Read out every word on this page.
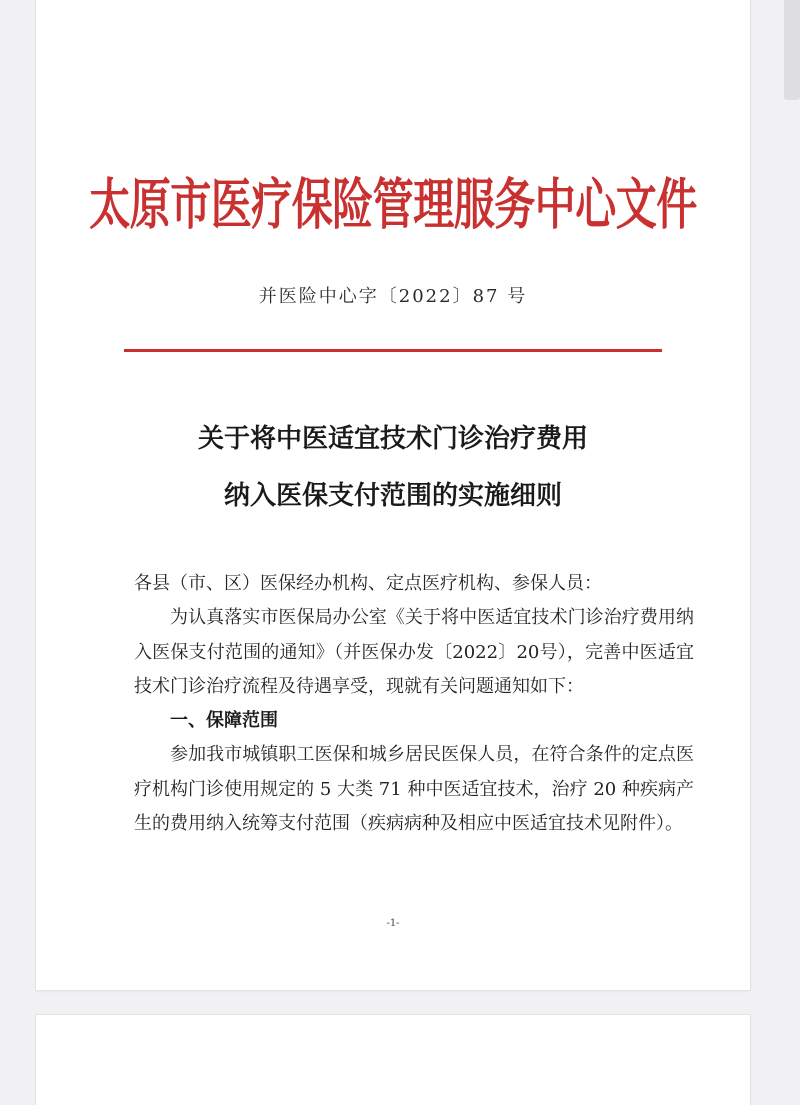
太原市医疗保险管理服务中心文件
并医险中心字〔2022〕87 号
关于将中医适宜技术门诊治疗费用
纳入医保支付范围的实施细则

各县（市、区）医保经办机构、定点医疗机构、参保人员：

为认真落实市医保局办公室《关于将中医适宜技术门诊治疗费用纳入医保支付范围的通知》（并医保办发〔2022〕20号），完善中医适宜技术门诊治疗流程及待遇享受，现就有关问题通知如下：

一、保障范围

参加我市城镇职工医保和城乡居民医保人员，在符合条件的定点医疗机构门诊使用规定的 5 大类 71 种中医适宜技术，治疗 20 种疾病产生的费用纳入统筹支付范围（疾病病种及相应中医适宜技术见附件）。

-1-
